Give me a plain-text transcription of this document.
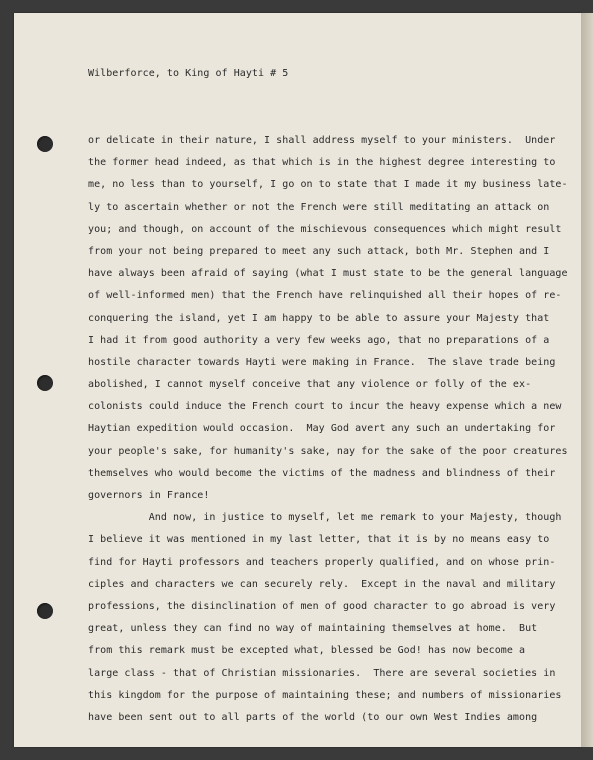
Wilberforce, to King of Hayti # 5
or delicate in their nature, I shall address myself to your ministers.  Under
the former head indeed, as that which is in the highest degree interesting to
me, no less than to yourself, I go on to state that I made it my business late-
ly to ascertain whether or not the French were still meditating an attack on
you; and though, on account of the mischievous consequences which might result
from your not being prepared to meet any such attack, both Mr. Stephen and I
have always been afraid of saying (what I must state to be the general language
of well-informed men) that the French have relinquished all their hopes of re-
conquering the island, yet I am happy to be able to assure your Majesty that
I had it from good authority a very few weeks ago, that no preparations of a
hostile character towards Hayti were making in France.  The slave trade being
abolished, I cannot myself conceive that any violence or folly of the ex-
colonists could induce the French court to incur the heavy expense which a new
Haytian expedition would occasion.  May God avert any such an undertaking for
your people's sake, for humanity's sake, nay for the sake of the poor creatures
themselves who would become the victims of the madness and blindness of their
governors in France!
And now, in justice to myself, let me remark to your Majesty, though
I believe it was mentioned in my last letter, that it is by no means easy to
find for Hayti professors and teachers properly qualified, and on whose prin-
ciples and characters we can securely rely.  Except in the naval and military
professions, the disinclination of men of good character to go abroad is very
great, unless they can find no way of maintaining themselves at home.  But
from this remark must be excepted what, blessed be God! has now become a
large class - that of Christian missionaries.  There are several societies in
this kingdom for the purpose of maintaining these; and numbers of missionaries
have been sent out to all parts of the world (to our own West Indies among
